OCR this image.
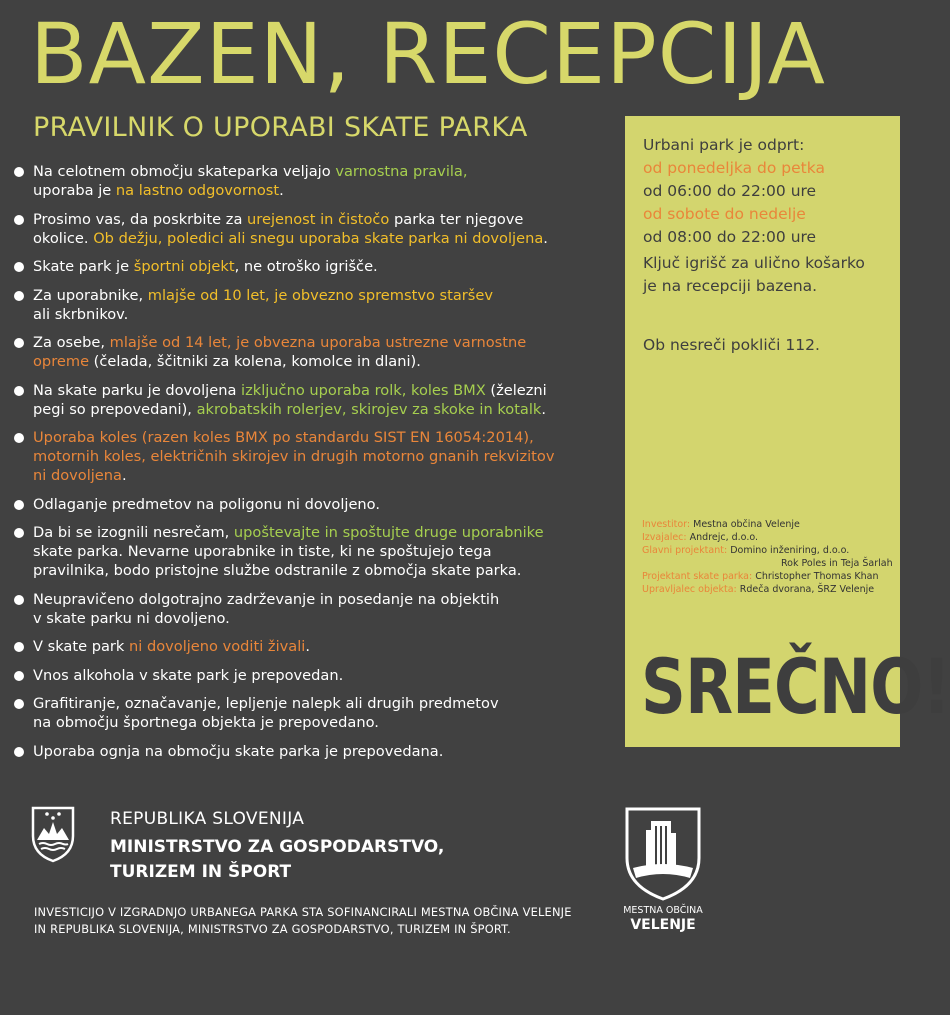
BAZEN, RECEPCIJA
PRAVILNIK O UPORABI SKATE PARKA
Na celotnem območju skateparka veljajo varnostna pravila,
uporaba je na lastno odgovornost.
Prosimo vas, da poskrbite za urejenost in čistočo parka ter njegove
okolice. Ob dežju, poledici ali snegu uporaba skate parka ni dovoljena.
Skate park je športni objekt, ne otroško igrišče.
Za uporabnike, mlajše od 10 let, je obvezno spremstvo staršev
ali skrbnikov.
Za osebe, mlajše od 14 let, je obvezna uporaba ustrezne varnostne
opreme (čelada, ščitniki za kolena, komolce in dlani).
Na skate parku je dovoljena izključno uporaba rolk, koles BMX (železni
pegi so prepovedani), akrobatskih rolerjev, skirojev za skoke in kotalk.
Uporaba koles (razen koles BMX po standardu SIST EN 16054:2014),
motornih koles, električnih skirojev in drugih motorno gnanih rekvizitov
ni dovoljena.
Odlaganje predmetov na poligonu ni dovoljeno.
Da bi se izognili nesrečam, upoštevajte in spoštujte druge uporabnike
skate parka. Nevarne uporabnike in tiste, ki ne spoštujejo tega
pravilnika, bodo pristojne službe odstranile z območja skate parka.
Neupravičeno dolgotrajno zadrževanje in posedanje na objektih
v skate parku ni dovoljeno.
V skate park ni dovoljeno voditi živali.
Vnos alkohola v skate park je prepovedan.
Grafitiranje, označavanje, lepljenje nalepk ali drugih predmetov
na območju športnega objekta je prepovedano.
Uporaba ognja na območju skate parka je prepovedana.
Urbani park je odprt:
od ponedeljka do petka
od 06:00 do 22:00 ure
od sobote do nedelje
od 08:00 do 22:00 ure
Ključ igrišč za ulično košarko
je na recepciji bazena.
Ob nesreči pokliči 112.
Investitor: Mestna občina Velenje
Izvajalec: Andrejc, d.o.o.
Glavni projektant: Domino inženiring, d.o.o.
Rok Poles in Teja Šarlah
Projektant skate parka: Christopher Thomas Khan
Upravljalec objekta: Rdeča dvorana, ŠRZ Velenje
SREČNO!
REPUBLIKA SLOVENIJA
MINISTRSTVO ZA GOSPODARSTVO,
TURIZEM IN ŠPORT
INVESTICIJO V IZGRADNJO URBANEGA PARKA STA SOFINANCIRALI MESTNA OBČINA VELENJE
IN REPUBLIKA SLOVENIJA, MINISTRSTVO ZA GOSPODARSTVO, TURIZEM IN ŠPORT.
MESTNA OBČINA
VELENJE
